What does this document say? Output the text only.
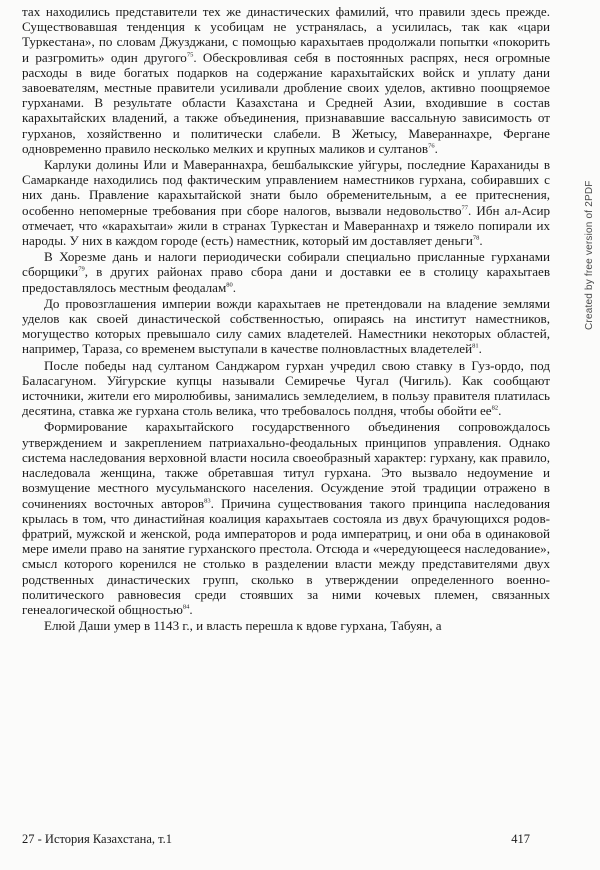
тах находились представители тех же династических фамилий, что правили здесь прежде. Существовавшая тенденция к усобицам не устранялась, а усилилась, так как «цари Туркестана», по словам Джузджани, с помощью карахытаев продолжали попытки «покорить и разгромить» один другого$^{75}$. Обескровливая себя в постоянных распрях, неся огромные расходы в виде богатых подарков на содержание карахытайских войск и уплату дани завоевателям, местные правители усиливали дробление своих уделов, активно поощряемое гурханами. В результате области Казахстана и Средней Азии, входившие в состав карахытайских владений, а также объединения, признававшие вассальную зависимость от гурханов, хозяйственно и политически слабели. В Жетысу, Мавераннахре, Фергане одновременно правило несколько мелких и крупных маликов и султанов$^{76}$.

Карлуки долины Или и Мавераннахра, бешбалыкские уйгуры, последние Караханиды в Самарканде находились под фактическим управлением наместников гурхана, собиравших с них дань. Правление карахытайской знати было обременительным, а ее притеснения, особенно непомерные требования при сборе налогов, вызвали недовольство$^{77}$. Ибн ал-Асир отмечает, что «карахытаи» жили в странах Туркестан и Мавераннахр и тяжело попирали их народы. У них в каждом городе (есть) наместник, который им доставляет деньги$^{78}$.

В Хорезме дань и налоги периодически собирали специально присланные гурханами сборщики$^{79}$, в других районах право сбора дани и доставки ее в столицу карахытаев предоставлялось местным феодалам$^{80}$.

До провозглашения империи вожди карахытаев не претендовали на владение землями уделов как своей династической собственностью, опираясь на институт наместников, могущество которых превышало силу самих владетелей. Наместники некоторых областей, например, Тараза, со временем выступали в качестве полновластных владетелей$^{81}$.

После победы над султаном Санджаром гурхан учредил свою ставку в Гуз-ордо, под Баласагуном. Уйгурские купцы называли Семиречье Чугал (Чигиль). Как сообщают источники, жители его миролюбивы, занимались земледелием, в пользу правителя платилась десятина, ставка же гурхана столь велика, что требовалось полдня, чтобы обойти $ее^{82}$.

Формирование карахытайского государственного объединения сопровождалось утверждением и закреплением патриахально-феодальных принципов управления. Однако система наследования верховной власти носила своеобразный характер: гурхану, как правило, наследовала женщина, также обретавшая титул гурхана. Это вызвало недоумение и возмущение местного мусульманского населения. Осуждение этой традиции отражено в сочинениях восточных авторов$^{83}$. Причина существования такого принципа наследования крылась в том, что династийная коалиция карахытаев состояла из двух брачующихся родов-фратрий, мужской и женской, рода императоров и рода императриц, и они оба в одинаковой мере имели право на занятие гурханского престола. Отсюда и «чередующееся наследование», смысл которого коренился не столько в разделении власти между представителями двух родственных династических групп, сколько в утверждении определенного военно-политического равновесия среди стоявших за ними кочевых племен, связанных генеалогической общностью$^{84}$.

Елюй Даши умер в 1143 г., и власть перешла к вдове гурхана, Табуян, а

Created by free version of 2PDF
27 - История Казахстана, т.1	417
